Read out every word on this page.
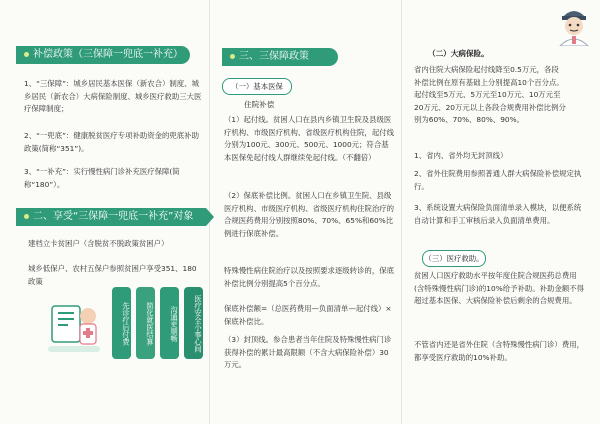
补偿政策（三保障一兜底一补充）
1、“三保障”：城乡居民基本医保（新农合）制度、城乡居民（新农合）大病保险制度、城乡医疗救助三大医疗保障制度；
2、“一兜底”：健康脱贫医疗专项补助资金的兜底补助政策(简称“351”)。
3、“一补充”：实行慢性病门诊补充医疗保障(简称“180”）。
二、享受“三保障一兜底一补充”对象
建档立卡贫困户（含脱贫不脱政策贫困户）
城乡低保户、农村五保户参照贫困户享受351、180政策
先诊疗后付费	简化就医结算	沟通更顺畅	医疗安全小事心间
三、三保障政策
（一）基本医保
住院补偿
（1）起付线。贫困人口在县内乡镇卫生院及县级医疗机构、市级医疗机构、省级医疗机构住院，起付线分别为100元、300元、500元、1000元；符合基本医保免起付线人群继续免起付线。（不翻倍）
（2）保底补偿比例。贫困人口在乡镇卫生院、县级医疗机构、市级医疗机构、省级医疗机构住院治疗的合规医药费用分别按照80%、70%、65%和60%比例进行保底补偿。
特殊慢性病住院治疗以及按照要求逐级转诊的，保底补偿比例分别提高5个百分点。
保底补偿额=（总医药费用—负面清单—起付线）×保底补偿比。
（3）封顶线。参合患者当年住院及特殊慢性病门诊获得补偿的累计最高限额（不含大病保险补偿）30万元。
（二）大病保险。
省内住院大病保险起付线降至0.5万元，各段补偿比例在原有基础上分别提高10个百分点。起付线至5万元、5万元至10万元、10万元至20万元、20万元以上各段合规费用补偿比例分别为60%、70%、80%、90%。
1、省内、省外均无封顶线）
2、省外住院费用参照普通人群大病保险补偿规定执行。
3、系统设置大病保险负面清单录入模块，以便系统自动计算和手工审核后录入负面清单费用。
（三）医疗救助。
贫困人口医疗救助水平按年度住院合规医药总费用(含特殊慢性病门诊)的10%给予补助。补助金额不得超过基本医保、大病保险补偿后剩余的合规费用。
不管省内还是省外住院（含特殊慢性病门诊）费用，都享受医疗救助的10%补助。
